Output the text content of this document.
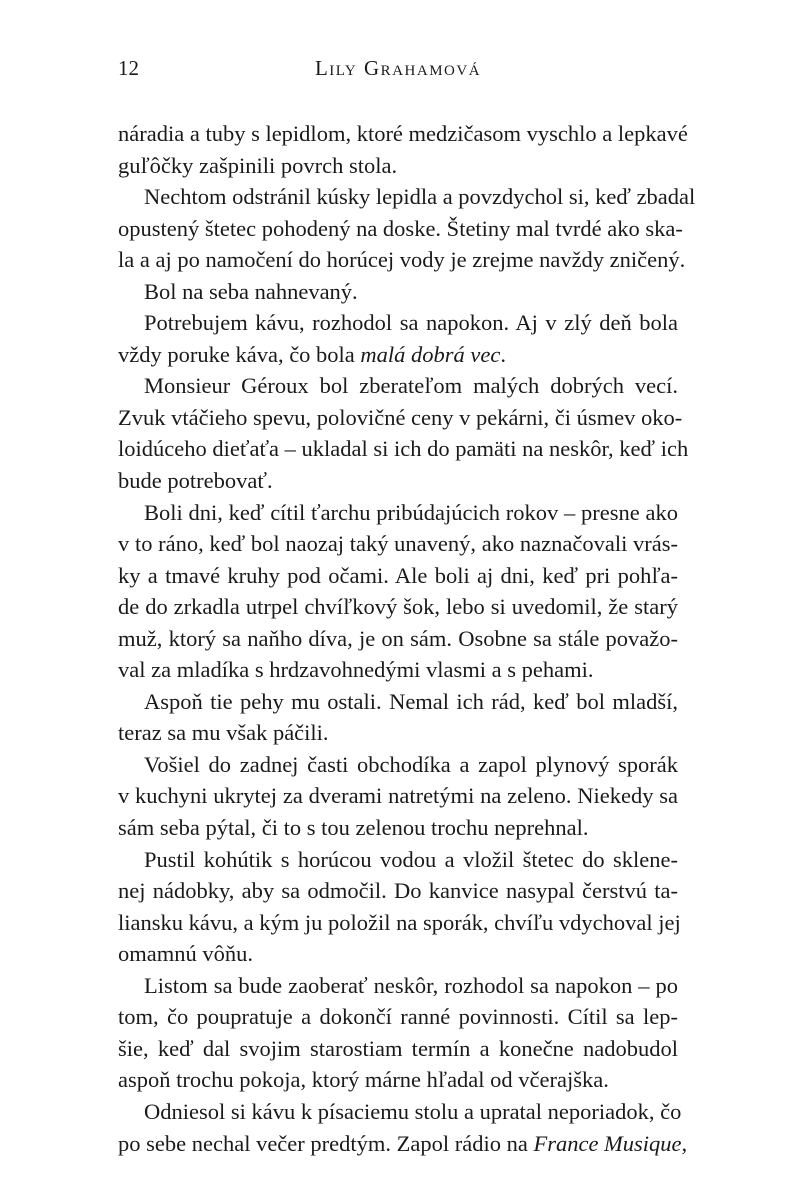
12	Lily Grahamová
náradia a tuby s lepidlom, ktoré medzičasom vyschlo a lepkavé
guľôčky zašpinili povrch stola.
Nechtom odstránil kúsky lepidla a povzdychol si, keď zbadal
opustený štetec pohodený na doske. Štetiny mal tvrdé ako ska-
la a aj po namočení do horúcej vody je zrejme navždy zničený.
Bol na seba nahnevaný.
Potrebujem kávu, rozhodol sa napokon. Aj v zlý deň bola
vždy poruke káva, čo bola malá dobrá vec.
Monsieur Géroux bol zberateľom malých dobrých vecí.
Zvuk vtáčieho spevu, polovičné ceny v pekárni, či úsmev oko-
loidúceho dieťaťa – ukladal si ich do pamäti na neskôr, keď ich
bude potrebovať.
Boli dni, keď cítil ťarchu pribúdajúcich rokov – presne ako
v to ráno, keď bol naozaj taký unavený, ako naznačovali vrás-
ky a tmavé kruhy pod očami. Ale boli aj dni, keď pri pohľa-
de do zrkadla utrpel chvíľkový šok, lebo si uvedomil, že starý
muž, ktorý sa naňho díva, je on sám. Osobne sa stále považo-
val za mladíka s hrdzavohnedými vlasmi a s pehami.
Aspoň tie pehy mu ostali. Nemal ich rád, keď bol mladší,
teraz sa mu však páčili.
Vošiel do zadnej časti obchodíka a zapol plynový sporák
v kuchyni ukrytej za dverami natretými na zeleno. Niekedy sa
sám seba pýtal, či to s tou zelenou trochu neprehnal.
Pustil kohútik s horúcou vodou a vložil štetec do sklene-
nej nádobky, aby sa odmočil. Do kanvice nasypal čerstvú ta-
liansku kávu, a kým ju položil na sporák, chvíľu vdychoval jej
omamnú vôňu.
Listom sa bude zaoberať neskôr, rozhodol sa napokon – po
tom, čo poupratuje a dokončí ranné povinnosti. Cítil sa lep-
šie, keď dal svojim starostiam termín a konečne nadobudol
aspoň trochu pokoja, ktorý márne hľadal od včerajška.
Odniesol si kávu k písaciemu stolu a upratal neporiadok, čo
po sebe nechal večer predtým. Zapol rádio na France Musique,
